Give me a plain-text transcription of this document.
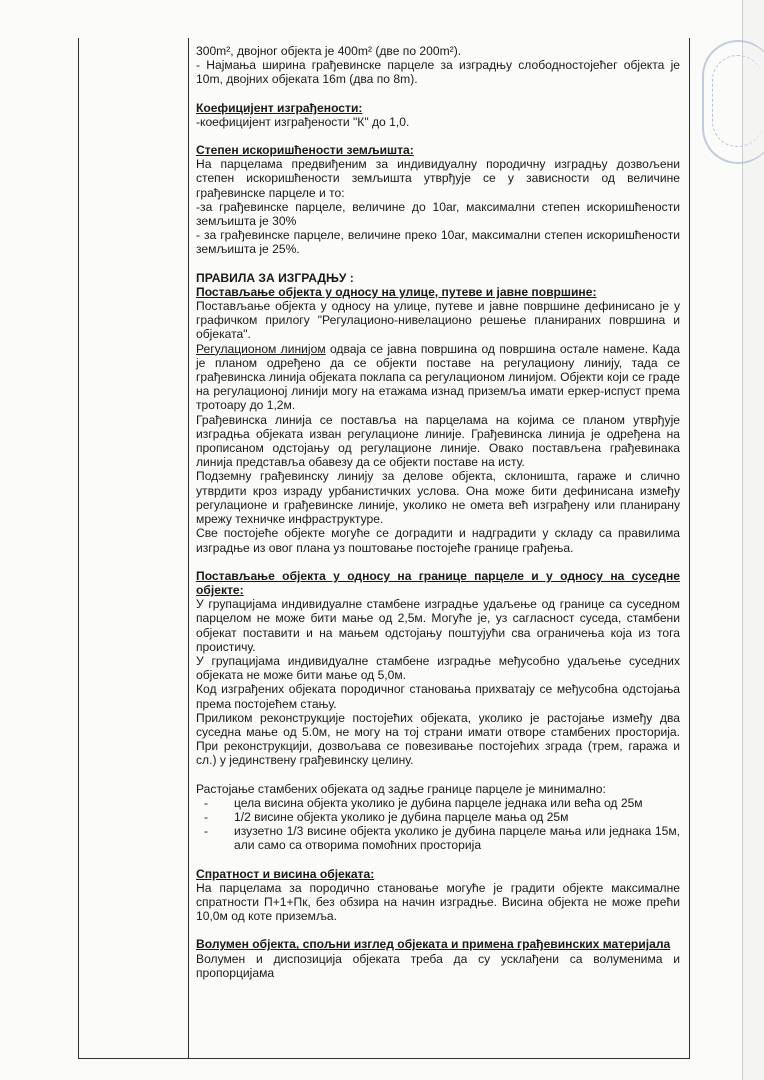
300m², двојног објекта је 400m² (две по 200m²).

- Најмања ширина грађевинске парцеле за изградњу слободностојећег објекта је 10m, двојних објеката 16m (два по 8m).

Коефицијент изграђености:

-коефицијент изграђености "К" до 1,0.

Степен искоришћености земљишта:

На парцелама предвиђеним за индивидуалну породичну изградњу дозвољени степен искоришћености земљишта утврђује се у зависности од величине грађевинске парцеле и то:

-за грађевинске парцеле, величине до 10ar, максимални степен искоришћености земљишта је 30%

- за грађевинске парцеле, величине преко 10ar, максимални степен искоришћености земљишта је 25%.

ПРАВИЛА ЗА ИЗГРАДЊУ :

Постављање објекта у односу на улице, путеве и јавне површине:

Постављање објекта у односу на улице, путеве и јавне површине дефинисано је у графичком прилогу "Регулационо-нивелационо решење планираних површина и објеката".

Регулационом линијом одваја се јавна површина од површина остале намене. Када је планом одређено да се објекти поставе на регулациону линију, тада се грађевинска линија објеката поклапа са регулационом линијом. Објекти који се граде на регулационој линији могу на етажама изнад приземља имати еркер-испуст према тротоару до 1,2м.

Грађевинска линија се поставља на парцелама на којима се планом утврђује изградња објеката изван регулационе линије. Грађевинска линија је одређена на прописаном одстојању од регулационе линије. Овако постављена грађевинака линија представља обавезу да се објекти поставе на исту.

Подземну грађевинску линију за делове објекта, склоништа, гараже и слично утврдити кроз израду урбанистичких услова. Она може бити дефинисана између регулационе и грађевинске линије, уколико не омета већ изграђену или планирану мрежу техничке инфраструктуре.

Све постојеће објекте могуће се доградити и надградити у складу са правилима изградње из овог плана уз поштовање постојеће границе грађења.

Постављање објекта у односу на границе парцеле и у односу на суседне објекте:

У групацијама индивидуалне стамбене изградње удаљење од границе са суседном парцелом не може бити мање од 2,5м. Могуће је, уз сагласност суседа, стамбени објекат поставити и на мањем одстојању поштујући сва ограничења која из тога проистичу.

У групацијама индивидуалне стамбене изградње међусобно удаљење суседних објеката не може бити мање од 5,0м.

Код изграђених објеката породичног становања прихватају се међусобна одстојања према постојећем стању.

Приликом реконструкције постојећих објеката, уколико је растојање између два суседна мање од 5.0м, не могу на тој страни имати отворе стамбених просторија. При реконструкцији, дозвољава се повезивање постојећих зграда (трем, гаража и сл.) у јединствену грађевинску целину.

Растојање стамбених објеката од задње границе парцеле је минимално:

- цела висина објекта уколико је дубина парцеле једнака или већа од 25м
- 1/2 висине објекта уколико је дубина парцеле мања од 25м
- изузетно 1/3 висине објекта уколико је дубина парцеле мања или једнака 15м, али само са отворима помоћних просторија

Спратност и висина објеката:

На парцелама за породично становање могуће је градити објекте максималне спратности П+1+Пк, без обзира на начин изградње. Висина објекта не може прећи 10,0м од коте приземља.

Волумен објекта, спољни изглед објеката и примена грађевинских материјала

Волумен и диспозиција објеката треба да су усклађени са волуменима и пропорцијама
